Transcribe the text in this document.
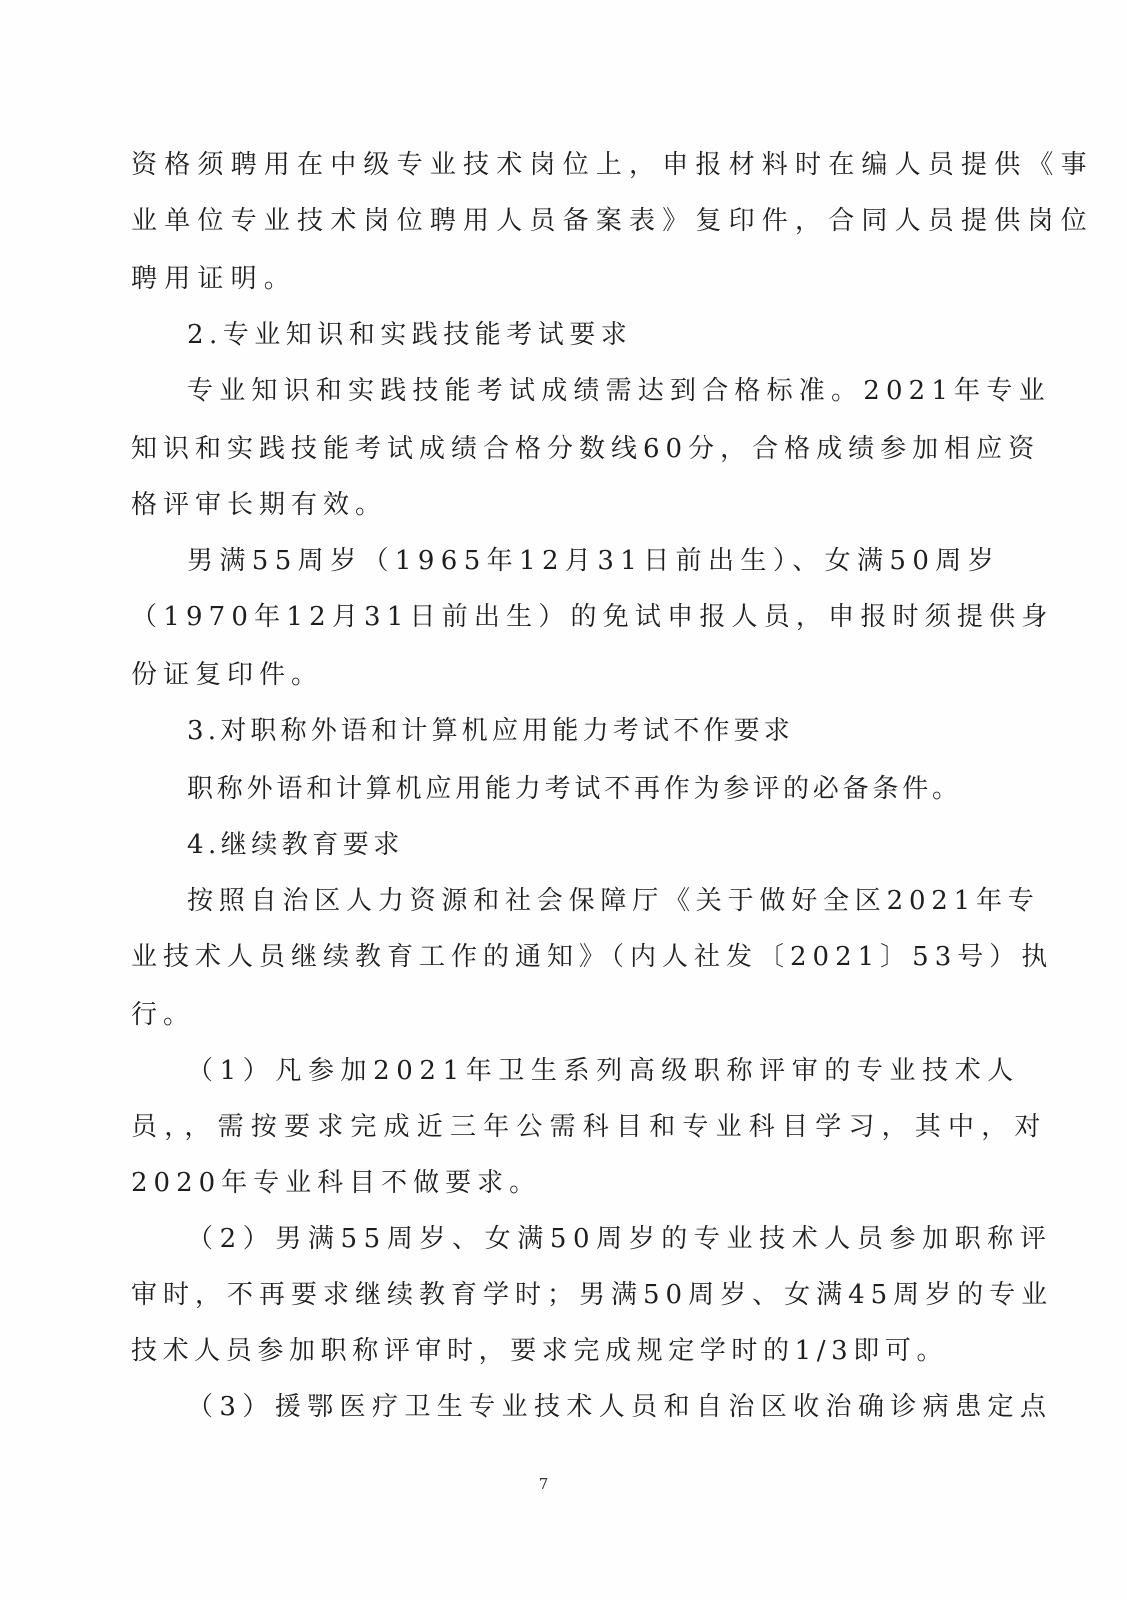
资格须聘用在中级专业技术岗位上，申报材料时在编人员提供《事

业单位专业技术岗位聘用人员备案表》复印件，合同人员提供岗位

聘用证明。

2.专业知识和实践技能考试要求

专业知识和实践技能考试成绩需达到合格标准。2021年专业

知识和实践技能考试成绩合格分数线60分，合格成绩参加相应资

格评审长期有效。

男满55周岁（1965年12月31日前出生）、女满50周岁

（1970年12月31日前出生）的免试申报人员，申报时须提供身

份证复印件。

3.对职称外语和计算机应用能力考试不作要求

职称外语和计算机应用能力考试不再作为参评的必备条件。

4.继续教育要求

按照自治区人力资源和社会保障厅《关于做好全区2021年专

业技术人员继续教育工作的通知》（内人社发〔2021〕53号）执

行。

（1）凡参加2021年卫生系列高级职称评审的专业技术人

员，，需按要求完成近三年公需科目和专业科目学习，其中，对

2020年专业科目不做要求。

（2）男满55周岁、女满50周岁的专业技术人员参加职称评

审时，不再要求继续教育学时；男满50周岁、女满45周岁的专业

技术人员参加职称评审时，要求完成规定学时的1/3即可。

（3）援鄂医疗卫生专业技术人员和自治区收治确诊病患定点

7
